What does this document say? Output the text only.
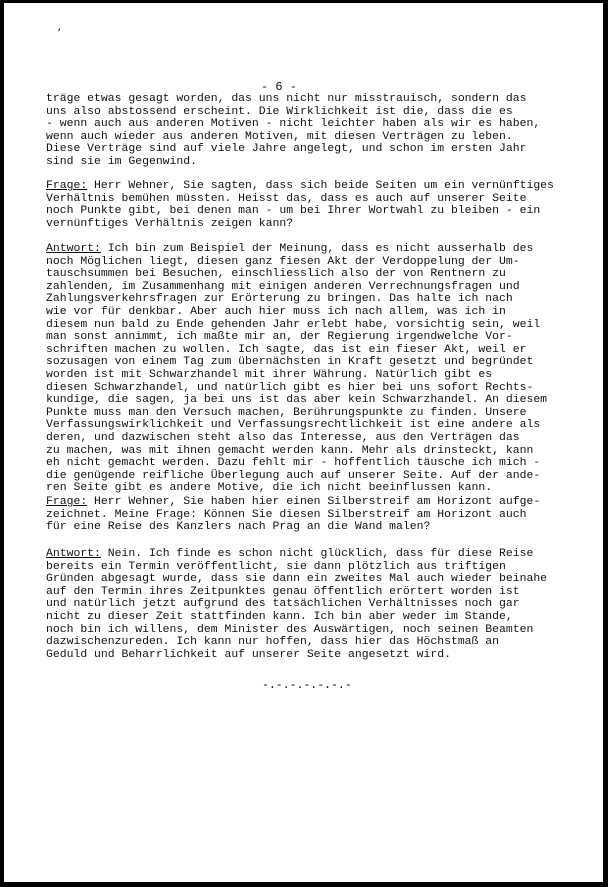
’
- 6 -
träge etwas gesagt worden, das uns nicht nur misstrauisch, sondern das
uns also abstossend erscheint. Die Wirklichkeit ist die, dass die es
- wenn auch aus anderen Motiven - nicht leichter haben als wir es haben,
wenn auch wieder aus anderen Motiven, mit diesen Verträgen zu leben.
Diese Verträge sind auf viele Jahre angelegt, und schon im ersten Jahr
sind sie im Gegenwind.
Frage: Herr Wehner, Sie sagten, dass sich beide Seiten um ein vernünftiges
Verhältnis bemühen müssten. Heisst das, dass es auch auf unserer Seite
noch Punkte gibt, bei denen man - um bei Ihrer Wortwahl zu bleiben - ein
vernünftiges Verhältnis zeigen kann?
Antwort: Ich bin zum Beispiel der Meinung, dass es nicht ausserhalb des
noch Möglichen liegt, diesen ganz fiesen Akt der Verdoppelung der Um-
tauschsummen bei Besuchen, einschliesslich also der von Rentnern zu
zahlenden, im Zusammenhang mit einigen anderen Verrechnungsfragen und
Zahlungsverkehrsfragen zur Erörterung zu bringen. Das halte ich nach
wie vor für denkbar. Aber auch hier muss ich nach allem, was ich in
diesem nun bald zu Ende gehenden Jahr erlebt habe, vorsichtig sein, weil
man sonst annimmt, ich maßte mir an, der Regierung irgendwelche Vor-
schriften machen zu wollen. Ich sagte, das ist ein fieser Akt, weil er
sozusagen von einem Tag zum übernächsten in Kraft gesetzt und begründet
worden ist mit Schwarzhandel mit ihrer Währung. Natürlich gibt es
diesen Schwarzhandel, und natürlich gibt es hier bei uns sofort Rechts-
kundige, die sagen, ja bei uns ist das aber kein Schwarzhandel. An diesem
Punkte muss man den Versuch machen, Berührungspunkte zu finden. Unsere
Verfassungswirklichkeit und Verfassungsrechtlichkeit ist eine andere als
deren, und dazwischen steht also das Interesse, aus den Verträgen das
zu machen, was mit ihnen gemacht werden kann. Mehr als drinsteckt, kann
eh nicht gemacht werden. Dazu fehlt mir - hoffentlich täusche ich mich -
die genügende reifliche Überlegung auch auf unserer Seite. Auf der ande-
ren Seite gibt es andere Motive, die ich nicht beeinflussen kann.
Frage: Herr Wehner, Sie haben hier einen Silberstreif am Horizont aufge-
zeichnet. Meine Frage: Können Sie diesen Silberstreif am Horizont auch
für eine Reise des Kanzlers nach Prag an die Wand malen?
Antwort: Nein. Ich finde es schon nicht glücklich, dass für diese Reise
bereits ein Termin veröffentlicht, sie dann plötzlich aus triftigen
Gründen abgesagt wurde, dass sie dann ein zweites Mal auch wieder beinahe
auf den Termin ihres Zeitpunktes genau öffentlich erörtert worden ist
und natürlich jetzt aufgrund des tatsächlichen Verhältnisses noch gar
nicht zu dieser Zeit stattfinden kann. Ich bin aber weder im Stande,
noch bin ich willens, dem Minister des Auswärtigen, noch seinen Beamten
dazwischenzureden. Ich kann nur hoffen, dass hier das Höchstmaß an
Geduld und Beharrlichkeit auf unserer Seite angesetzt wird.
-.-.-.-.-.-.-
